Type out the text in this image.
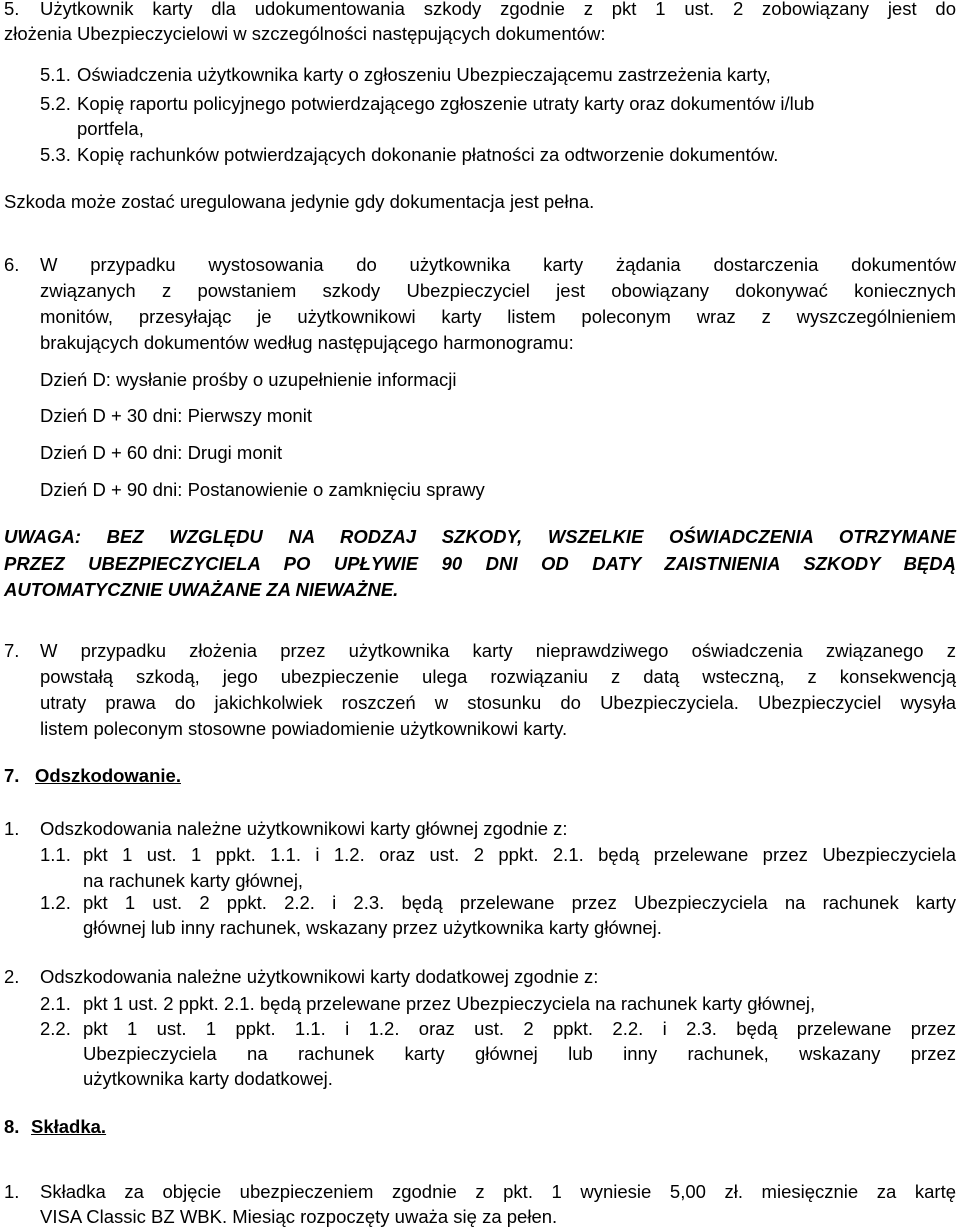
5. Użytkownik karty dla udokumentowania szkody zgodnie z pkt 1 ust. 2 zobowiązany jest do
złożenia Ubezpieczycielowi w szczególności następujących dokumentów:
5.1. Oświadczenia użytkownika karty o zgłoszeniu Ubezpieczającemu zastrzeżenia karty,
5.2. Kopię raportu policyjnego potwierdzającego zgłoszenie utraty karty oraz dokumentów i/lub
portfela,
5.3. Kopię rachunków potwierdzających dokonanie płatności za odtworzenie dokumentów.
Szkoda może zostać uregulowana jedynie gdy dokumentacja jest pełna.
6. W przypadku wystosowania do użytkownika karty żądania dostarczenia dokumentów
związanych z powstaniem szkody Ubezpieczyciel jest obowiązany dokonywać koniecznych
monitów, przesyłając je użytkownikowi karty listem poleconym wraz z wyszczególnieniem
brakujących dokumentów według następującego harmonogramu:
Dzień D: wysłanie prośby o uzupełnienie informacji
Dzień D + 30 dni: Pierwszy monit
Dzień D + 60 dni: Drugi monit
Dzień D + 90 dni: Postanowienie o zamknięciu sprawy
UWAGA: BEZ WZGLĘDU NA RODZAJ SZKODY, WSZELKIE OŚWIADCZENIA OTRZYMANE
PRZEZ UBEZPIECZYCIELA PO UPŁYWIE 90 DNI OD DATY ZAISTNIENIA SZKODY BĘDĄ
AUTOMATYCZNIE UWAŻANE ZA NIEWAŻNE.
7. W przypadku złożenia przez użytkownika karty nieprawdziwego oświadczenia związanego z
powstałą szkodą, jego ubezpieczenie ulega rozwiązaniu z datą wsteczną, z konsekwencją
utraty prawa do jakichkolwiek roszczeń w stosunku do Ubezpieczyciela. Ubezpieczyciel wysyła
listem poleconym stosowne powiadomienie użytkownikowi karty.
7. Odszkodowanie.
1. Odszkodowania należne użytkownikowi karty głównej zgodnie z:
1.1. pkt 1 ust. 1 ppkt. 1.1. i 1.2. oraz ust. 2 ppkt. 2.1. będą przelewane przez Ubezpieczyciela
na rachunek karty głównej,
1.2. pkt 1 ust. 2 ppkt. 2.2. i 2.3. będą przelewane przez Ubezpieczyciela na rachunek karty
głównej lub inny rachunek, wskazany przez użytkownika karty głównej.
2. Odszkodowania należne użytkownikowi karty dodatkowej zgodnie z:
2.1. pkt 1 ust. 2 ppkt. 2.1. będą przelewane przez Ubezpieczyciela na rachunek karty głównej,
2.2. pkt 1 ust. 1 ppkt. 1.1. i 1.2. oraz ust. 2 ppkt. 2.2. i 2.3. będą przelewane przez
Ubezpieczyciela na rachunek karty głównej lub inny rachunek, wskazany przez
użytkownika karty dodatkowej.
8. Składka.
1. Składka za objęcie ubezpieczeniem zgodnie z pkt. 1 wyniesie 5,00 zł. miesięcznie za kartę
VISA Classic BZ WBK. Miesiąc rozpoczęty uważa się za pełen.
